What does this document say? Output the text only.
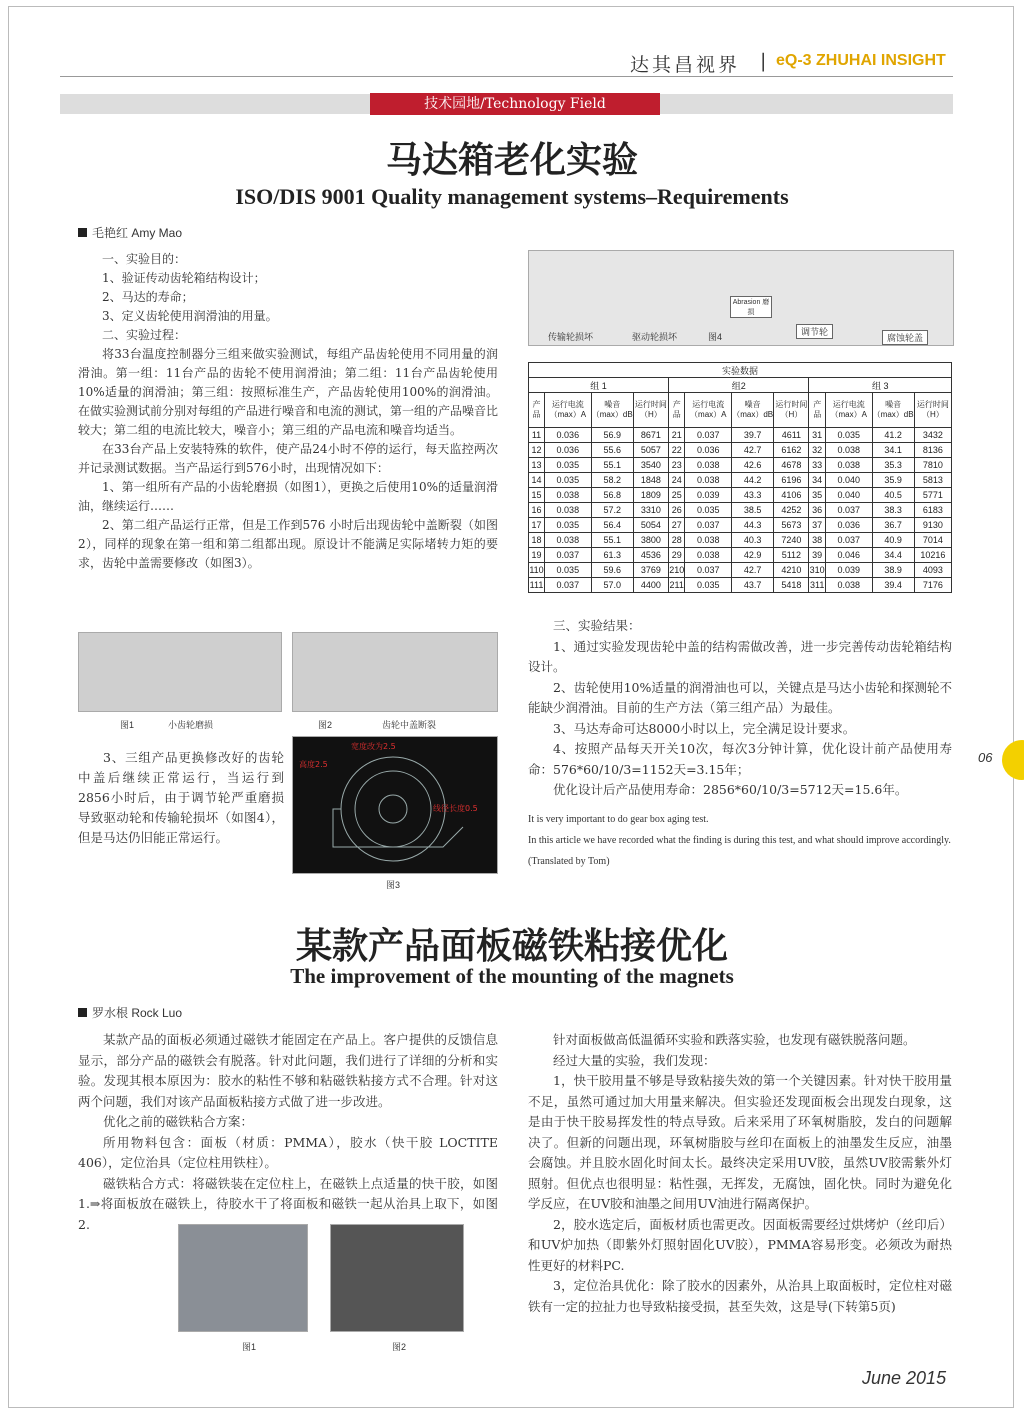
达其昌视界 | eQ-3 ZHUHAI INSIGHT
技术园地/Technology Field
马达箱老化实验
ISO/DIS 9001 Quality management systems–Requirements
毛艳红 Amy Mao

一、实验目的：

1、验证传动齿轮箱结构设计；

2、马达的寿命；

3、定义齿轮使用润滑油的用量。

二、实验过程：

将33台温度控制器分三组来做实验测试，每组产品齿轮使用不同用量的润滑油。第一组：11台产品的齿轮不使用润滑油；第二组：11台产品齿轮使用10%适量的润滑油；第三组：按照标准生产，产品齿轮使用100%的润滑油。在做实验测试前分别对每组的产品进行噪音和电流的测试，第一组的产品噪音比较大；第二组的电流比较大，噪音小；第三组的产品电流和噪音均适当。

在33台产品上安装特殊的软件，使产品24小时不停的运行，每天监控两次并记录测试数据。当产品运行到576小时，出现情况如下：

1、第一组所有产品的小齿轮磨损（如图1），更换之后使用10%的适量润滑油，继续运行……

2、第二组产品运行正常，但是工作到576 小时后出现齿轮中盖断裂（如图2），同样的现象在第一组和第二组都出现。原设计不能满足实际堵转力矩的要求，齿轮中盖需要修改（如图3）。

图1	小齿轮磨损	图2	齿轮中盖断裂

3、三组产品更换修改好的齿轮中盖后继续正常运行，当运行到2856小时后，由于调节轮严重磨损导致驱动轮和传输轮损坏（如图4），但是马达仍旧能正常运行。

宽度改为2.5
高度2.5
线径长度0.5
图3
传输轮损坏	驱动轮损坏	图4
Abrasion 磨损
调节轮
腐蚀轮盖
实验数据											
组 1				组2				组 3			
产品	运行电流（max）A	噪音（max）dB	运行时间（H）	产品	运行电流（max）A	噪音（max）dB	运行时间（H）	产品	运行电流（max）A	噪音（max）dB	运行时间（H）
11	0.036	56.9	8671	21	0.037	39.7	4611	31	0.035	41.2	3432
12	0.036	55.6	5057	22	0.036	42.7	6162	32	0.038	34.1	8136
13	0.035	55.1	3540	23	0.038	42.6	4678	33	0.038	35.3	7810
14	0.035	58.2	1848	24	0.038	44.2	6196	34	0.040	35.9	5813
15	0.038	56.8	1809	25	0.039	43.3	4106	35	0.040	40.5	5771
16	0.038	57.2	3310	26	0.035	38.5	4252	36	0.037	38.3	6183
17	0.035	56.4	5054	27	0.037	44.3	5673	37	0.036	36.7	9130
18	0.038	55.1	3800	28	0.038	40.3	7240	38	0.037	40.9	7014
19	0.037	61.3	4536	29	0.038	42.9	5112	39	0.046	34.4	10216
110	0.035	59.6	3769	210	0.037	42.7	4210	310	0.039	38.9	4093
111	0.037	57.0	4400	211	0.035	43.7	5418	311	0.038	39.4	7176

三、实验结果：

1、通过实验发现齿轮中盖的结构需做改善，进一步完善传动齿轮箱结构设计。

2、齿轮使用10%适量的润滑油也可以，关键点是马达小齿轮和探测轮不能缺少润滑油。目前的生产方法（第三组产品）为最佳。

3、马达寿命可达8000小时以上，完全满足设计要求。

4、按照产品每天开关10次，每次3分钟计算，优化设计前产品使用寿命：576*60/10/3=1152天=3.15年；

优化设计后产品使用寿命：2856*60/10/3=5712天=15.6年。

It is very important to do gear box aging test.
In this article we have recorded what the finding is during this test, and what should improve accordingly.
(Translated by Tom)
某款产品面板磁铁粘接优化
The improvement of the mounting of the magnets
罗水根 Rock Luo

某款产品的面板必须通过磁铁才能固定在产品上。客户提供的反馈信息显示，部分产品的磁铁会有脱落。针对此问题，我们进行了详细的分析和实验。发现其根本原因为：胶水的粘性不够和粘磁铁粘接方式不合理。针对这两个问题，我们对该产品面板粘接方式做了进一步改进。

优化之前的磁铁粘合方案：

所用物料包含：面板（材质：PMMA），胶水（快干胶 LOCTITE 406），定位治具（定位柱用铁柱）。

磁铁粘合方式：将磁铁装在定位柱上，在磁铁上点适量的快干胶，如图1.⇒将面板放在磁铁上，待胶水干了将面板和磁铁一起从治具上取下，如图2.

图1	图2

针对面板做高低温循环实验和跌落实验，也发现有磁铁脱落问题。

经过大量的实验，我们发现：

1，快干胶用量不够是导致粘接失效的第一个关键因素。针对快干胶用量不足，虽然可通过加大用量来解决。但实验还发现面板会出现发白现象，这是由于快干胶易挥发性的特点导致。后来采用了环氧树脂胶，发白的问题解决了。但新的问题出现，环氧树脂胶与丝印在面板上的油墨发生反应，油墨会腐蚀。并且胶水固化时间太长。最终决定采用UV胶，虽然UV胶需紫外灯照射。但优点也很明显：粘性强，无挥发，无腐蚀，固化快。同时为避免化学反应，在UV胶和油墨之间用UV油进行隔离保护。

2，胶水选定后，面板材质也需更改。因面板需要经过烘烤炉（丝印后）和UV炉加热（即紫外灯照射固化UV胶），PMMA容易形变。必须改为耐热性更好的材料PC.

3，定位治具优化：除了胶水的因素外，从治具上取面板时，定位柱对磁铁有一定的拉扯力也导致粘接受损，甚至失效，这是导(下转第5页)

06
June 2015
